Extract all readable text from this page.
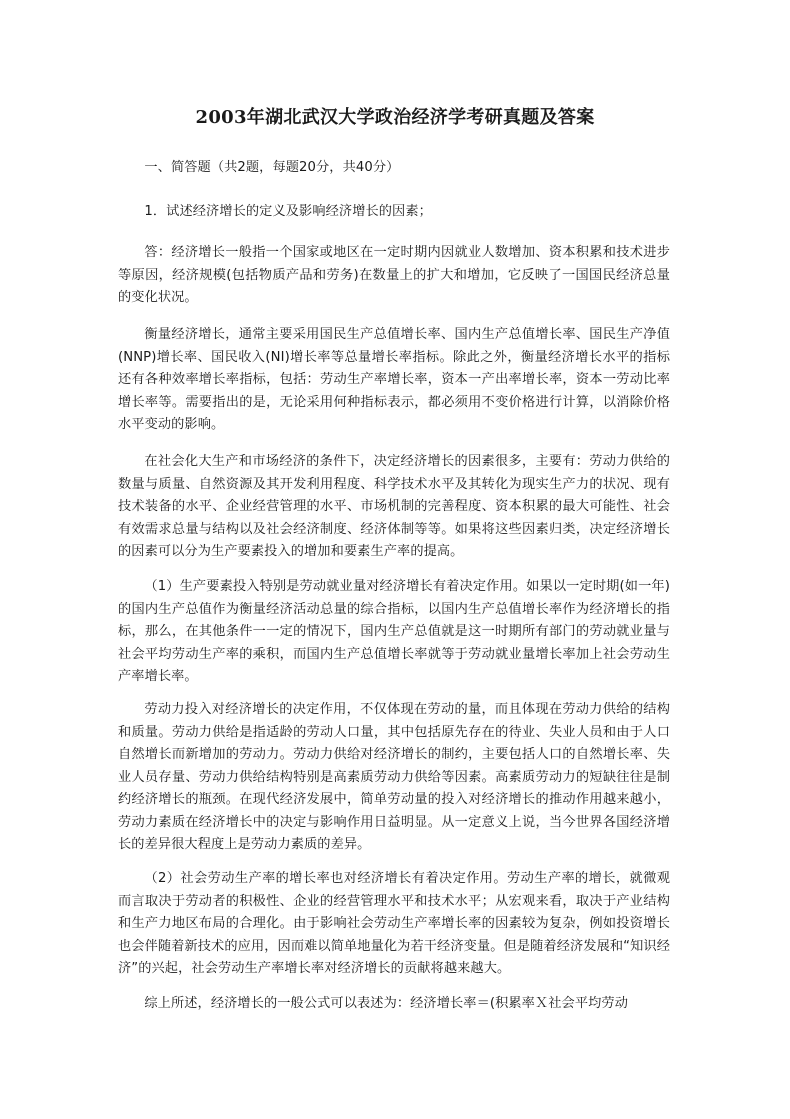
2003年湖北武汉大学政治经济学考研真题及答案

一、简答题（共2题，每题20分，共40分）

1．试述经济增长的定义及影响经济增长的因素；

答：经济增长一般指一个国家或地区在一定时期内因就业人数增加、资本积累和技术进步等原因，经济规模(包括物质产品和劳务)在数量上的扩大和增加，它反映了一国国民经济总量的变化状况。

衡量经济增长，通常主要采用国民生产总值增长率、国内生产总值增长率、国民生产净值(NNP)增长率、国民收入(NI)增长率等总量增长率指标。除此之外，衡量经济增长水平的指标还有各种效率增长率指标，包括：劳动生产率增长率，资本一产出率增长率，资本一劳动比率增长率等。需要指出的是，无论采用何种指标表示，都必须用不变价格进行计算，以消除价格水平变动的影响。

在社会化大生产和市场经济的条件下，决定经济增长的因素很多，主要有：劳动力供给的数量与质量、自然资源及其开发利用程度、科学技术水平及其转化为现实生产力的状况、现有技术装备的水平、企业经营管理的水平、市场机制的完善程度、资本积累的最大可能性、社会有效需求总量与结构以及社会经济制度、经济体制等等。如果将这些因素归类，决定经济增长的因素可以分为生产要素投入的增加和要素生产率的提高。

（1）生产要素投入特别是劳动就业量对经济增长有着决定作用。如果以一定时期(如一年)的国内生产总值作为衡量经济活动总量的综合指标，以国内生产总值增长率作为经济增长的指标，那么，在其他条件一一定的情况下，国内生产总值就是这一时期所有部门的劳动就业量与社会平均劳动生产率的乘积，而国内生产总值增长率就等于劳动就业量增长率加上社会劳动生产率增长率。

劳动力投入对经济增长的决定作用，不仅体现在劳动的量，而且体现在劳动力供给的结构和质量。劳动力供给是指适龄的劳动人口量，其中包括原先存在的待业、失业人员和由于人口自然增长而新增加的劳动力。劳动力供给对经济增长的制约，主要包括人口的自然增长率、失业人员存量、劳动力供给结构特别是高素质劳动力供给等因素。高素质劳动力的短缺往往是制约经济增长的瓶颈。在现代经济发展中，简单劳动量的投入对经济增长的推动作用越来越小，劳动力素质在经济增长中的决定与影响作用日益明显。从一定意义上说，当今世界各国经济增长的差异很大程度上是劳动力素质的差异。

（2）社会劳动生产率的增长率也对经济增长有着决定作用。劳动生产率的增长，就微观而言取决于劳动者的积极性、企业的经营管理水平和技术水平；从宏观来看，取决于产业结构和生产力地区布局的合理化。由于影响社会劳动生产率增长率的因素较为复杂，例如投资增长也会伴随着新技术的应用，因而难以简单地量化为若干经济变量。但是随着经济发展和“知识经济”的兴起，社会劳动生产率增长率对经济增长的贡献将越来越大。

综上所述，经济增长的一般公式可以表述为：经济增长率＝(积累率Ｘ社会平均劳动
